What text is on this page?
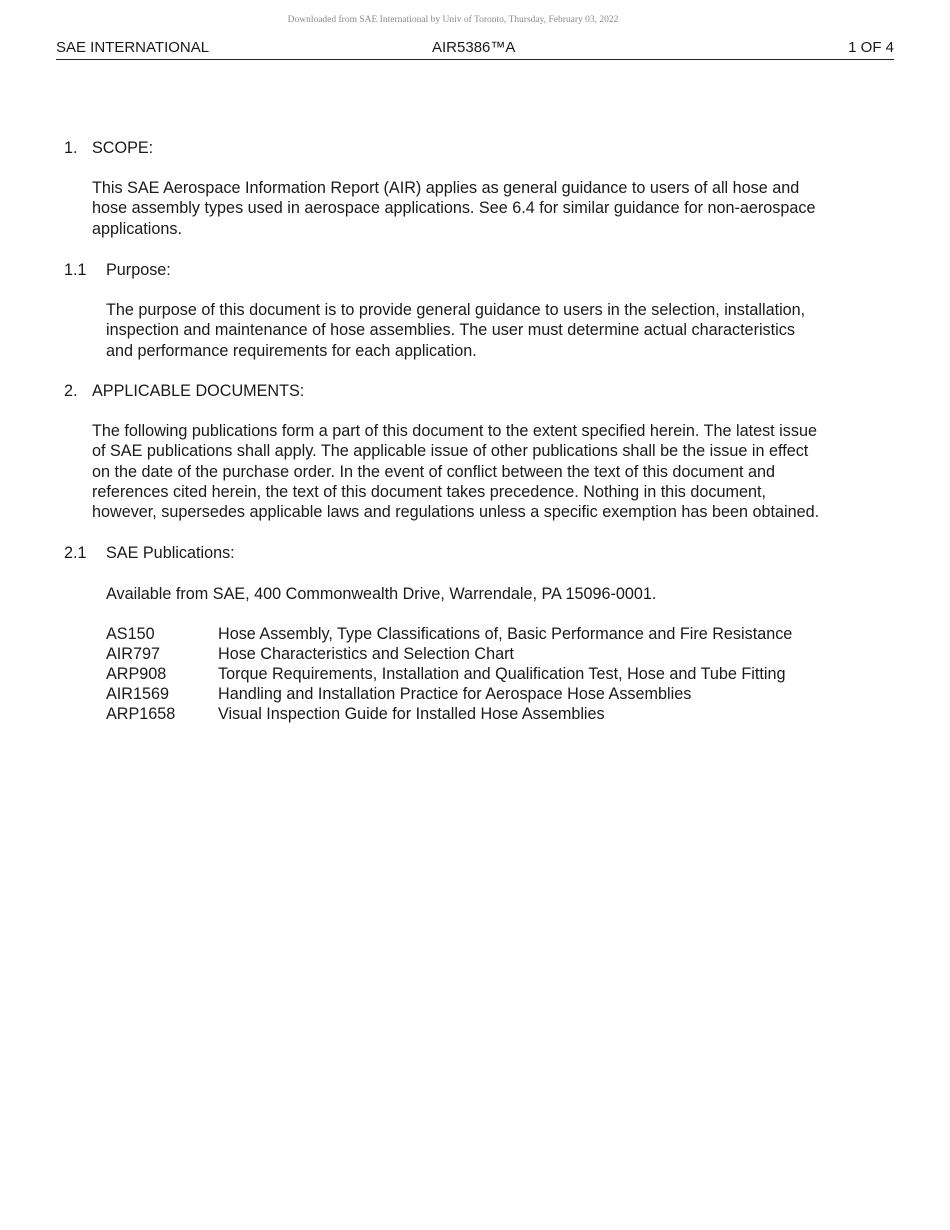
Downloaded from SAE International by Univ of Toronto, Thursday, February 03, 2022
SAE INTERNATIONAL	AIR5386™A	1 OF 4
1. SCOPE:
This SAE Aerospace Information Report (AIR) applies as general guidance to users of all hose and
hose assembly types used in aerospace applications. See 6.4 for similar guidance for non-aerospace
applications.
1.1 Purpose:
The purpose of this document is to provide general guidance to users in the selection, installation,
inspection and maintenance of hose assemblies. The user must determine actual characteristics
and performance requirements for each application.
2. APPLICABLE DOCUMENTS:
The following publications form a part of this document to the extent specified herein. The latest issue
of SAE publications shall apply. The applicable issue of other publications shall be the issue in effect
on the date of the purchase order. In the event of conflict between the text of this document and
references cited herein, the text of this document takes precedence. Nothing in this document,
however, supersedes applicable laws and regulations unless a specific exemption has been obtained.
2.1 SAE Publications:
Available from SAE, 400 Commonwealth Drive, Warrendale, PA 15096-0001.
AS150	Hose Assembly, Type Classifications of, Basic Performance and Fire Resistance
AIR797	Hose Characteristics and Selection Chart
ARP908	Torque Requirements, Installation and Qualification Test, Hose and Tube Fitting
AIR1569	Handling and Installation Practice for Aerospace Hose Assemblies
ARP1658	Visual Inspection Guide for Installed Hose Assemblies
